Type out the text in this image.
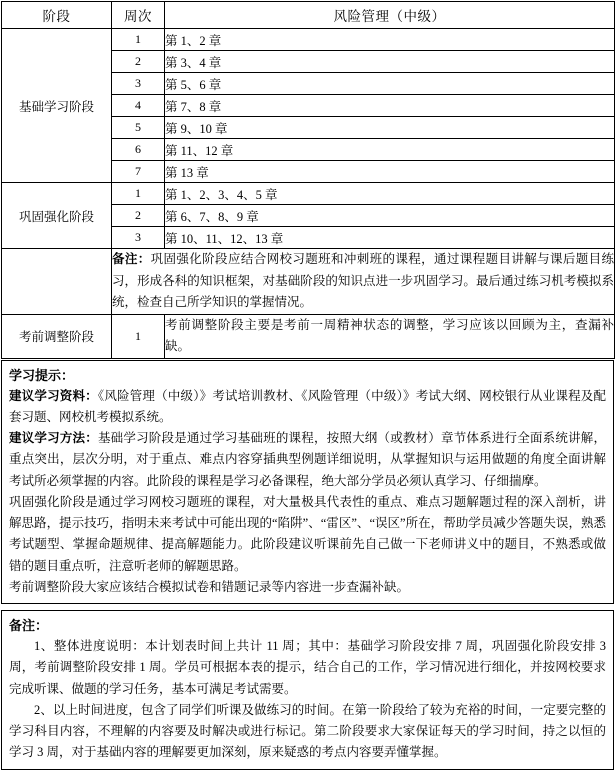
阶段	周次	风险管理（中级）
基础学习阶段	1	第 1、2 章
	2	第 3、4 章
	3	第 5、6 章
	4	第 7、8 章
	5	第 9、10 章
	6	第 11、12 章
	7	第 13 章
巩固强化阶段	1	第 1、2、3、4、5 章
	2	第 6、7、8、9 章
	3	第 10、11、12、13 章
	备注：巩固强化阶段应结合网校习题班和冲刺班的课程，通过课程题目讲解与课后题目练习，形成各科的知识框架，对基础阶段的知识点进一步巩固学习。最后通过练习机考模拟系统，检查自己所学知识的掌握情况。	
考前调整阶段	1	考前调整阶段主要是考前一周精神状态的调整，学习应该以回顾为主，查漏补缺。
学习提示：
建议学习资料：《风险管理（中级）》考试培训教材、《风险管理（中级）》考试大纲、网校银行从业课程及配套习题、网校机考模拟系统。
建议学习方法：基础学习阶段是通过学习基础班的课程，按照大纲（或教材）章节体系进行全面系统讲解，重点突出，层次分明，对于重点、难点内容穿插典型例题详细说明，从掌握知识与运用做题的角度全面讲解考试所必须掌握的内容。此阶段的课程是学习必备课程，绝大部分学员必须认真学习、仔细揣摩。
巩固强化阶段是通过学习网校习题班的课程，对大量极具代表性的重点、难点习题解题过程的深入剖析，讲解思路，提示技巧，指明未来考试中可能出现的“陷阱”、“雷区”、“误区”所在，帮助学员减少答题失误，熟悉考试题型、掌握命题规律、提高解题能力。此阶段建议听课前先自己做一下老师讲义中的题目，不熟悉或做错的题目重点听，注意听老师的解题思路。
考前调整阶段大家应该结合模拟试卷和错题记录等内容进一步查漏补缺。
备注：
1、整体进度说明：本计划表时间上共计 11 周；其中：基础学习阶段安排 7 周，巩固强化阶段安排 3 周，考前调整阶段安排 1 周。学员可根据本表的提示，结合自己的工作，学习情况进行细化，并按网校要求完成听课、做题的学习任务，基本可满足考试需要。
2、以上时间进度，包含了同学们听课及做练习的时间。在第一阶段给了较为充裕的时间，一定要完整的学习科目内容，不理解的内容要及时解决或进行标记。第二阶段要求大家保证每天的学习时间，持之以恒的学习 3 周，对于基础内容的理解要更加深刻，原来疑惑的考点内容要弄懂掌握。
